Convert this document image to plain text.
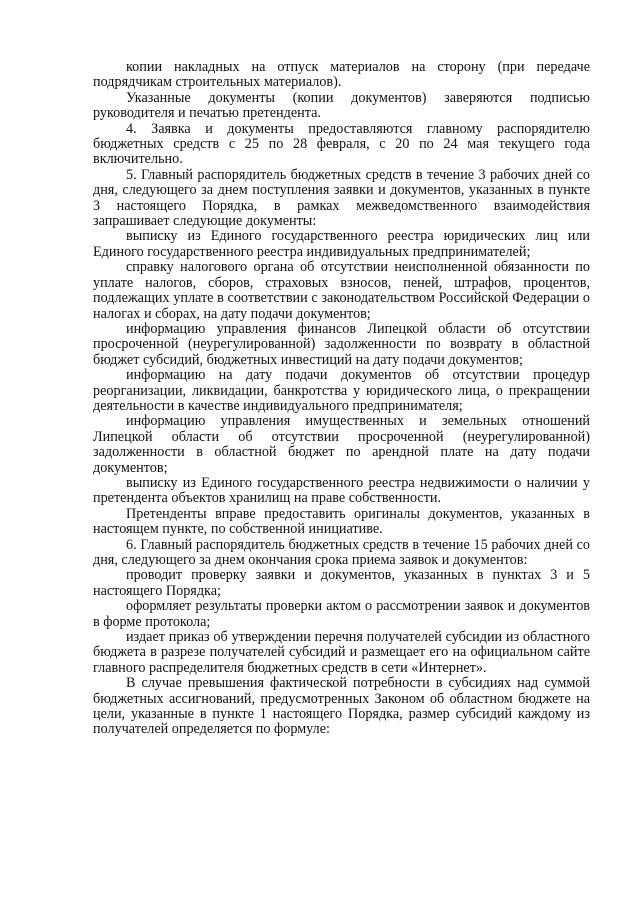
копии накладных на отпуск материалов на сторону (при передаче подрядчикам строительных материалов).

Указанные документы (копии документов) заверяются подписью руководителя и печатью претендента.

4. Заявка и документы предоставляются главному распорядителю бюджетных средств с 25 по 28 февраля, с 20 по 24 мая текущего года включительно.

5. Главный распорядитель бюджетных средств в течение 3 рабочих дней со дня, следующего за днем поступления заявки и документов, указанных в пункте 3 настоящего Порядка, в рамках межведомственного взаимодействия запрашивает следующие документы:

выписку из Единого государственного реестра юридических лиц или Единого государственного реестра индивидуальных предпринимателей;

справку налогового органа об отсутствии неисполненной обязанности по уплате налогов, сборов, страховых взносов, пеней, штрафов, процентов, подлежащих уплате в соответствии с законодательством Российской Федерации о налогах и сборах, на дату подачи документов;

информацию управления финансов Липецкой области об отсутствии просроченной (неурегулированной) задолженности по возврату в областной бюджет субсидий, бюджетных инвестиций на дату подачи документов;

информацию на дату подачи документов об отсутствии процедур реорганизации, ликвидации, банкротства у юридического лица, о прекращении деятельности в качестве индивидуального предпринимателя;

информацию управления имущественных и земельных отношений Липецкой области об отсутствии просроченной (неурегулированной) задолженности в областной бюджет по арендной плате на дату подачи документов;

выписку из Единого государственного реестра недвижимости о наличии у претендента объектов хранилищ на праве собственности.

Претенденты вправе предоставить оригиналы документов, указанных в настоящем пункте, по собственной инициативе.

6. Главный распорядитель бюджетных средств в течение 15 рабочих дней со дня, следующего за днем окончания срока приема заявок и документов:

проводит проверку заявки и документов, указанных в пунктах 3 и 5 настоящего Порядка;

оформляет результаты проверки актом о рассмотрении заявок и документов в форме протокола;

издает приказ об утверждении перечня получателей субсидии из областного бюджета в разрезе получателей субсидий и размещает его на официальном сайте главного распределителя бюджетных средств в сети «Интернет».

В случае превышения фактической потребности в субсидиях над суммой бюджетных ассигнований, предусмотренных Законом об областном бюджете на цели, указанные в пункте 1 настоящего Порядка, размер субсидий каждому из получателей определяется по формуле:
